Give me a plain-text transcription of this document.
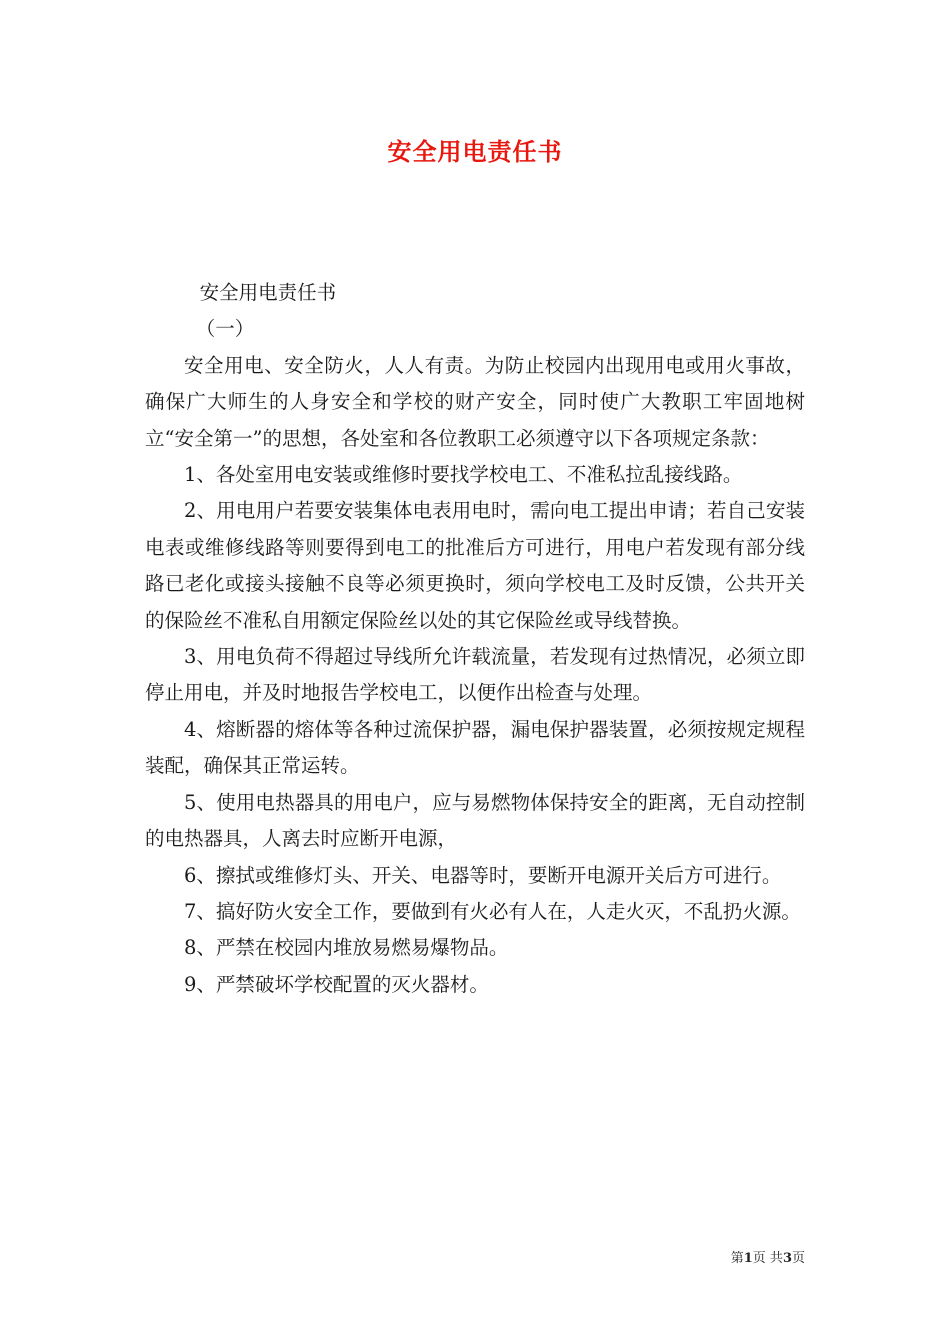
安全用电责任书

安全用电责任书

（一）

安全用电、安全防火，人人有责。为防止校园内出现用电或用火事故，确保广大师生的人身安全和学校的财产安全，同时使广大教职工牢固地树立“安全第一”的思想，各处室和各位教职工必须遵守以下各项规定条款：

1、各处室用电安装或维修时要找学校电工、不准私拉乱接线路。

2、用电用户若要安装集体电表用电时，需向电工提出申请；若自己安装电表或维修线路等则要得到电工的批准后方可进行，用电户若发现有部分线路已老化或接头接触不良等必须更换时，须向学校电工及时反馈，公共开关的保险丝不准私自用额定保险丝以处的其它保险丝或导线替换。

3、用电负荷不得超过导线所允许载流量，若发现有过热情况，必须立即停止用电，并及时地报告学校电工，以便作出检查与处理。

4、熔断器的熔体等各种过流保护器，漏电保护器装置，必须按规定规程装配，确保其正常运转。

5、使用电热器具的用电户，应与易燃物体保持安全的距离，无自动控制的电热器具，人离去时应断开电源，

6、擦拭或维修灯头、开关、电器等时，要断开电源开关后方可进行。

7、搞好防火安全工作，要做到有火必有人在，人走火灭，不乱扔火源。

8、严禁在校园内堆放易燃易爆物品。

9、严禁破坏学校配置的灭火器材。

第1页 共3页
